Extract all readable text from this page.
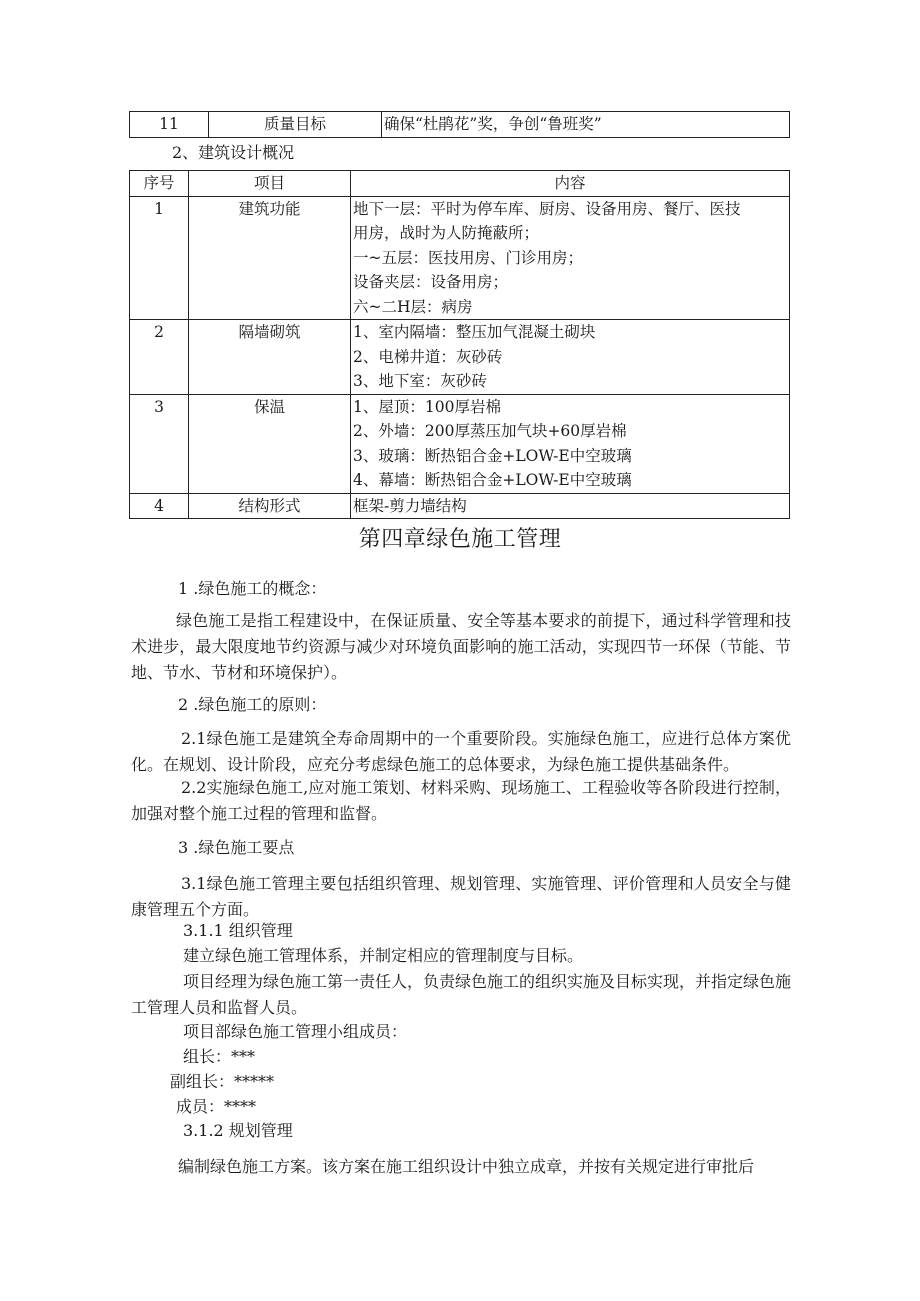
11	质量目标	确保“杜鹃花”奖，争创“鲁班奖”
2、建筑设计概况
序号	项目	内容
1	建筑功能	地下一层：平时为停车库、厨房、设备用房、餐厅、医技
用房，战时为人防掩蔽所；
一~五层：医技用房、门诊用房；
设备夹层：设备用房；
六~二H层：病房

2	隔墙砌筑	1、室内隔墙：整压加气混凝土砌块
2、电梯井道：灰砂砖
3、地下室：灰砂砖

3	保温	1、屋顶：100厚岩棉
2、外墙：200厚蒸压加气块+60厚岩棉
3、玻璃：断热铝合金+LOW-E中空玻璃
4、幕墙：断热铝合金+LOW-E中空玻璃

4	结构形式	框架-剪力墙结构
第四章绿色施工管理
1 .绿色施工的概念：
绿色施工是指工程建设中，在保证质量、安全等基本要求的前提下，通过科学管理和技术进步，最大限度地节约资源与减少对环境负面影响的施工活动，实现四节一环保（节能、节地、节水、节材和环境保护）。
2 .绿色施工的原则：
2.1绿色施工是建筑全寿命周期中的一个重要阶段。实施绿色施工，应进行总体方案优化。在规划、设计阶段，应充分考虑绿色施工的总体要求，为绿色施工提供基础条件。
2.2实施绿色施工,应对施工策划、材料采购、现场施工、工程验收等各阶段进行控制，加强对整个施工过程的管理和监督。
3 .绿色施工要点
3.1绿色施工管理主要包括组织管理、规划管理、实施管理、评价管理和人员安全与健康管理五个方面。
3.1.1 组织管理
建立绿色施工管理体系，并制定相应的管理制度与目标。
项目经理为绿色施工第一责任人，负责绿色施工的组织实施及目标实现，并指定绿色施工管理人员和监督人员。
项目部绿色施工管理小组成员：
组长：***
副组长：*****
成员：****
3.1.2 规划管理
编制绿色施工方案。该方案在施工组织设计中独立成章，并按有关规定进行审批后
